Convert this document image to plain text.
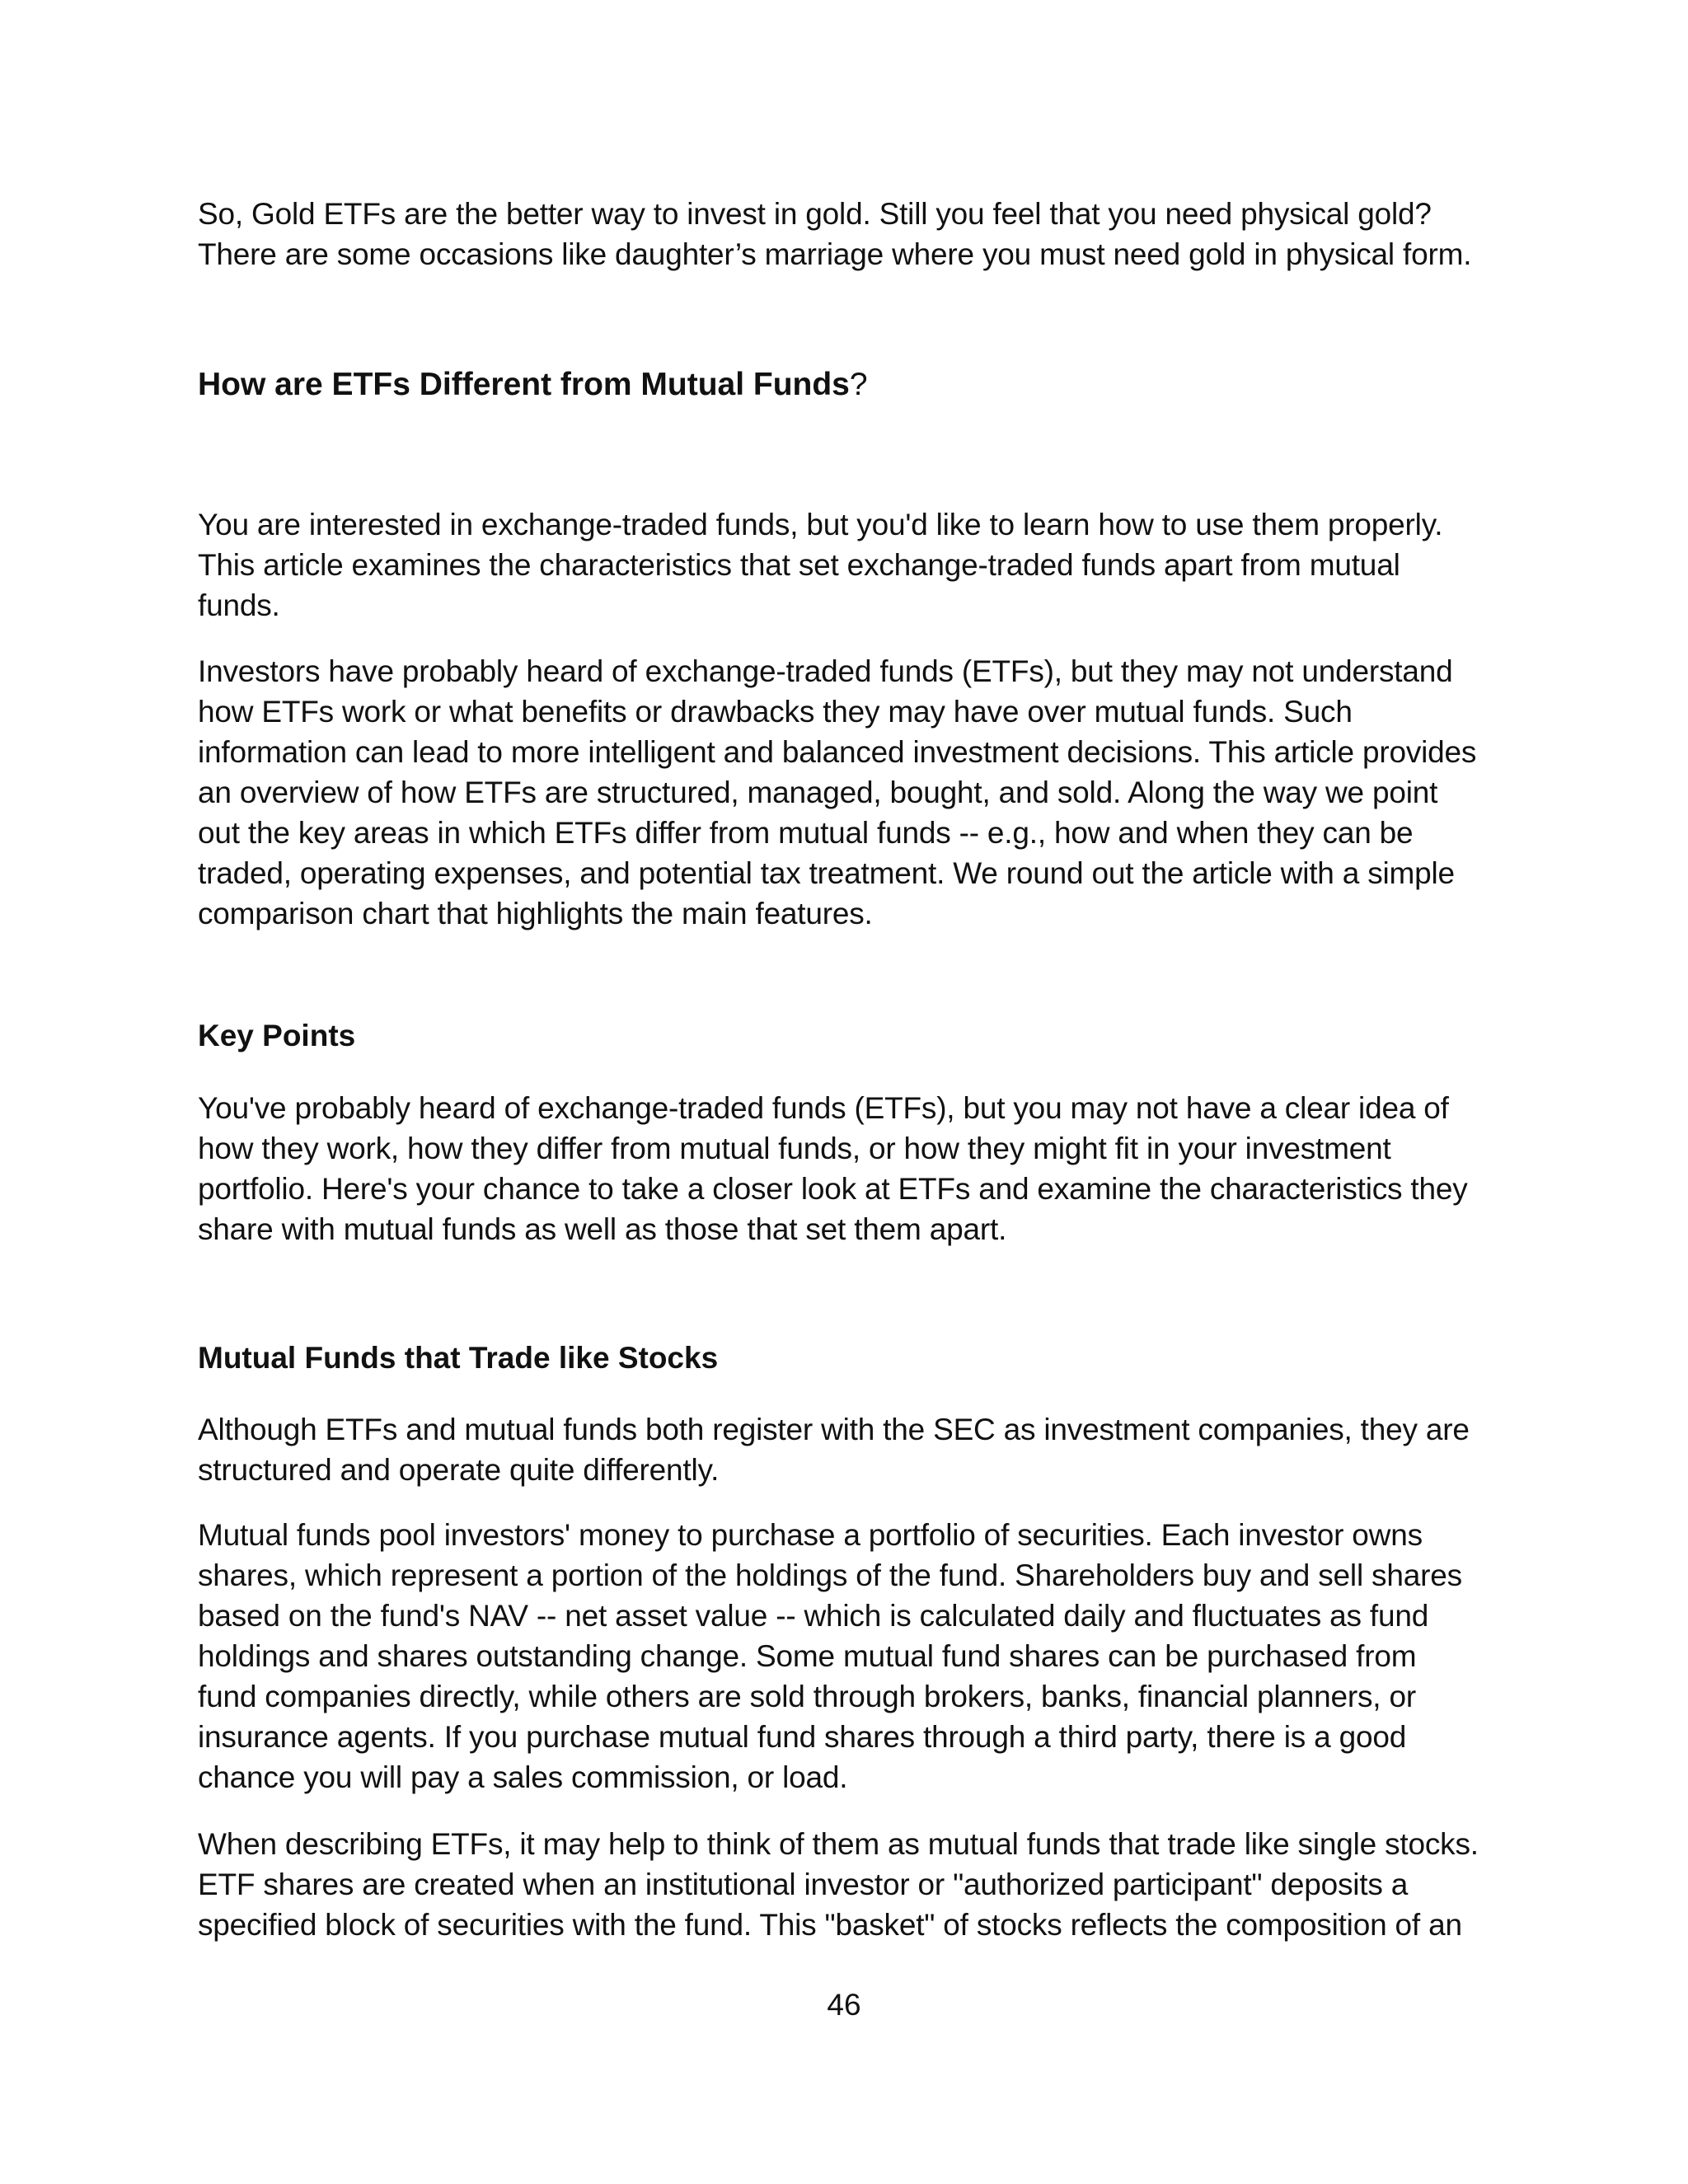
So, Gold ETFs are the better way to invest in gold. Still you feel that you need physical gold?
There are some occasions like daughter’s marriage where you must need gold in physical form.

How are ETFs Different from Mutual Funds?

You are interested in exchange-traded funds, but you'd like to learn how to use them properly.
This article examines the characteristics that set exchange-traded funds apart from mutual
funds.

Investors have probably heard of exchange-traded funds (ETFs), but they may not understand
how ETFs work or what benefits or drawbacks they may have over mutual funds. Such
information can lead to more intelligent and balanced investment decisions. This article provides
an overview of how ETFs are structured, managed, bought, and sold. Along the way we point
out the key areas in which ETFs differ from mutual funds -- e.g., how and when they can be
traded, operating expenses, and potential tax treatment. We round out the article with a simple
comparison chart that highlights the main features.

Key Points

You've probably heard of exchange-traded funds (ETFs), but you may not have a clear idea of
how they work, how they differ from mutual funds, or how they might fit in your investment
portfolio. Here's your chance to take a closer look at ETFs and examine the characteristics they
share with mutual funds as well as those that set them apart.

Mutual Funds that Trade like Stocks

Although ETFs and mutual funds both register with the SEC as investment companies, they are
structured and operate quite differently.

Mutual funds pool investors' money to purchase a portfolio of securities. Each investor owns
shares, which represent a portion of the holdings of the fund. Shareholders buy and sell shares
based on the fund's NAV -- net asset value -- which is calculated daily and fluctuates as fund
holdings and shares outstanding change. Some mutual fund shares can be purchased from
fund companies directly, while others are sold through brokers, banks, financial planners, or
insurance agents. If you purchase mutual fund shares through a third party, there is a good
chance you will pay a sales commission, or load.

When describing ETFs, it may help to think of them as mutual funds that trade like single stocks.
ETF shares are created when an institutional investor or "authorized participant" deposits a
specified block of securities with the fund. This "basket" of stocks reflects the composition of an

46
